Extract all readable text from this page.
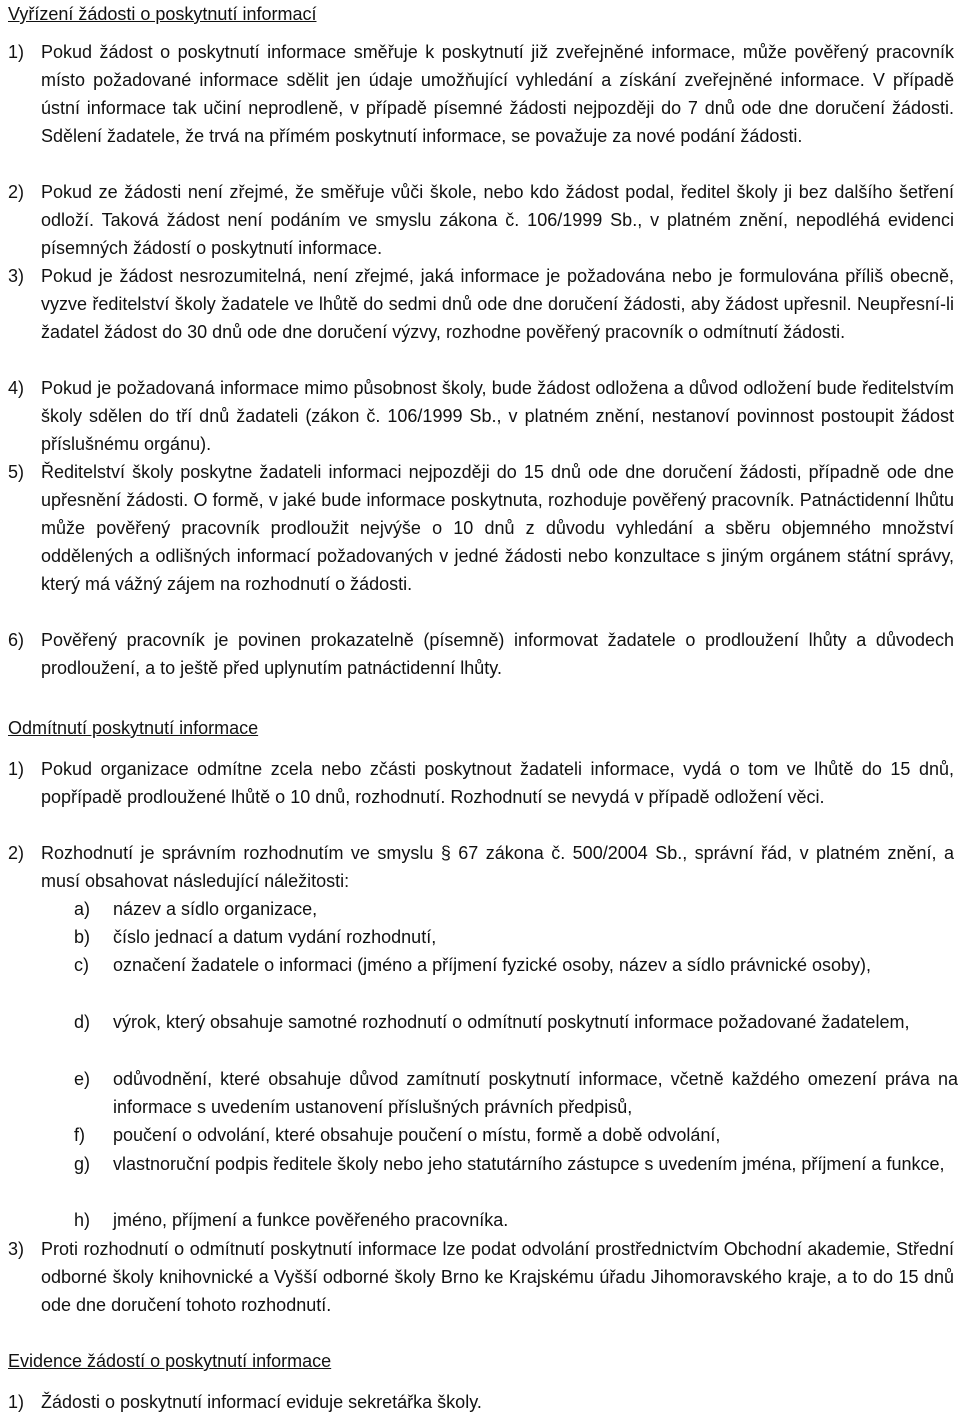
Vyřízení žádosti o poskytnutí informací
1) Pokud žádost o poskytnutí informace směřuje k poskytnutí již zveřejněné informace, může pověřený pracovník místo požadované informace sdělit jen údaje umožňující vyhledání a získání zveřejněné informace. V případě ústní informace tak učiní neprodleně, v případě písemné žádosti nejpozději do 7 dnů ode dne doručení žádosti. Sdělení žadatele, že trvá na přímém poskytnutí informace, se považuje za nové podání žádosti.
2) Pokud ze žádosti není zřejmé, že směřuje vůči škole, nebo kdo žádost podal, ředitel školy ji bez dalšího šetření odloží. Taková žádost není podáním ve smyslu zákona č. 106/1999 Sb., v platném znění, nepodléhá evidenci písemných žádostí o poskytnutí informace.
3) Pokud je žádost nesrozumitelná, není zřejmé, jaká informace je požadována nebo je formulována příliš obecně, vyzve ředitelství školy žadatele ve lhůtě do sedmi dnů ode dne doručení žádosti, aby žádost upřesnil. Neupřesní-li žadatel žádost do 30 dnů ode dne doručení výzvy, rozhodne pověřený pracovník o odmítnutí žádosti.
4) Pokud je požadovaná informace mimo působnost školy, bude žádost odložena a důvod odložení bude ředitelstvím školy sdělen do tří dnů žadateli (zákon č. 106/1999 Sb., v platném znění, nestanoví povinnost postoupit žádost příslušnému orgánu).
5) Ředitelství školy poskytne žadateli informaci nejpozději do 15 dnů ode dne doručení žádosti, případně ode dne upřesnění žádosti. O formě, v jaké bude informace poskytnuta, rozhoduje pověřený pracovník. Patnáctidenní lhůtu může pověřený pracovník prodloužit nejvýše o 10 dnů z důvodu vyhledání a sběru objemného množství oddělených a odlišných informací požadovaných v jedné žádosti nebo konzultace s jiným orgánem státní správy, který má vážný zájem na rozhodnutí o žádosti.
6) Pověřený pracovník je povinen prokazatelně (písemně) informovat žadatele o prodloužení lhůty a důvodech prodloužení, a to ještě před uplynutím patnáctidenní lhůty.
Odmítnutí poskytnutí informace
1) Pokud organizace odmítne zcela nebo zčásti poskytnout žadateli informace, vydá o tom ve lhůtě do 15 dnů, popřípadě prodloužené lhůtě o 10 dnů, rozhodnutí. Rozhodnutí se nevydá v případě odložení věci.
2) Rozhodnutí je správním rozhodnutím ve smyslu § 67 zákona č. 500/2004 Sb., správní řád, v platném znění, a musí obsahovat následující náležitosti:
a)	název a sídlo organizace,
b)	číslo jednací a datum vydání rozhodnutí,
c)	označení žadatele o informaci (jméno a příjmení fyzické osoby, název a sídlo právnické osoby),
d)	výrok, který obsahuje samotné rozhodnutí o odmítnutí poskytnutí informace požadované žadatelem,
e)	odůvodnění, které obsahuje důvod zamítnutí poskytnutí informace, včetně každého omezení práva na informace s uvedením ustanovení příslušných právních předpisů,
f)	poučení o odvolání, které obsahuje poučení o místu, formě a době odvolání,
g)	vlastnoruční podpis ředitele školy nebo jeho statutárního zástupce s uvedením jména, příjmení a funkce,
h)	jméno, příjmení a funkce pověřeného pracovníka.
3) Proti rozhodnutí o odmítnutí poskytnutí informace lze podat odvolání prostřednictvím Obchodní akademie, Střední odborné školy knihovnické a Vyšší odborné školy Brno ke Krajskému úřadu Jihomoravského kraje, a to do 15 dnů ode dne doručení tohoto rozhodnutí.
Evidence žádostí o poskytnutí informace
1) Žádosti o poskytnutí informací eviduje sekretářka školy.
